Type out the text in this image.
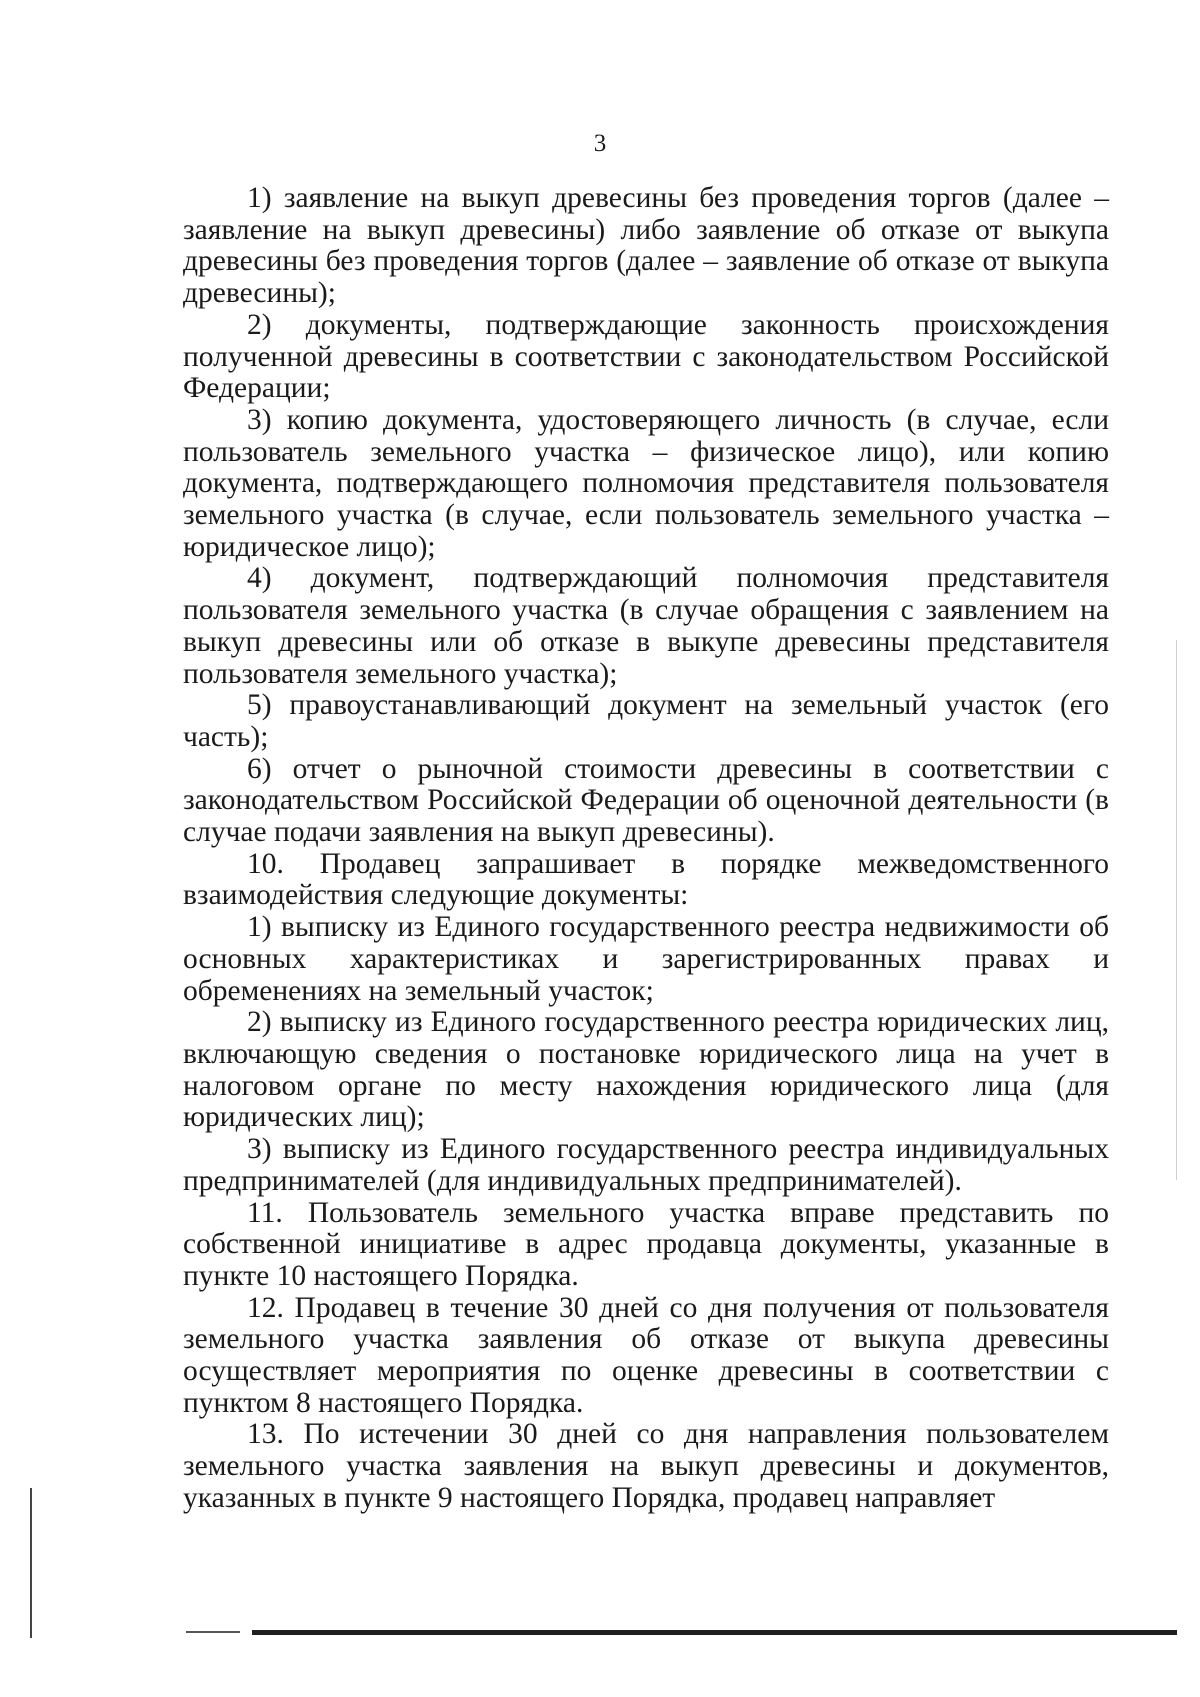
3

1) заявление на выкуп древесины без проведения торгов (далее – заявление на выкуп древесины) либо заявление об отказе от выкупа древесины без проведения торгов (далее – заявление об отказе от выкупа древесины);

2) документы, подтверждающие законность происхождения полученной древесины в соответствии с законодательством Российской Федерации;

3) копию документа, удостоверяющего личность (в случае, если пользователь земельного участка – физическое лицо), или копию документа, подтверждающего полномочия представителя пользователя земельного участка (в случае, если пользователь земельного участка – юридическое лицо);

4) документ, подтверждающий полномочия представителя пользователя земельного участка (в случае обращения с заявлением на выкуп древесины или об отказе в выкупе древесины представителя пользователя земельного участка);

5) правоустанавливающий документ на земельный участок (его часть);

6) отчет о рыночной стоимости древесины в соответствии с законодательством Российской Федерации об оценочной деятельности (в случае подачи заявления на выкуп древесины).

10. Продавец запрашивает в порядке межведомственного взаимодействия следующие документы:

1) выписку из Единого государственного реестра недвижимости об основных характеристиках и зарегистрированных правах и обременениях на земельный участок;

2) выписку из Единого государственного реестра юридических лиц, включающую сведения о постановке юридического лица на учет в налоговом органе по месту нахождения юридического лица (для юридических лиц);

3) выписку из Единого государственного реестра индивидуальных предпринимателей (для индивидуальных предпринимателей).

11. Пользователь земельного участка вправе представить по собственной инициативе в адрес продавца документы, указанные в пункте 10 настоящего Порядка.

12. Продавец в течение 30 дней со дня получения от пользователя земельного участка заявления об отказе от выкупа древесины осуществляет мероприятия по оценке древесины в соответствии с пунктом 8 настоящего Порядка.

13. По истечении 30 дней со дня направления пользователем земельного участка заявления на выкуп древесины и документов, указанных в пункте 9 настоящего Порядка, продавец направляет
